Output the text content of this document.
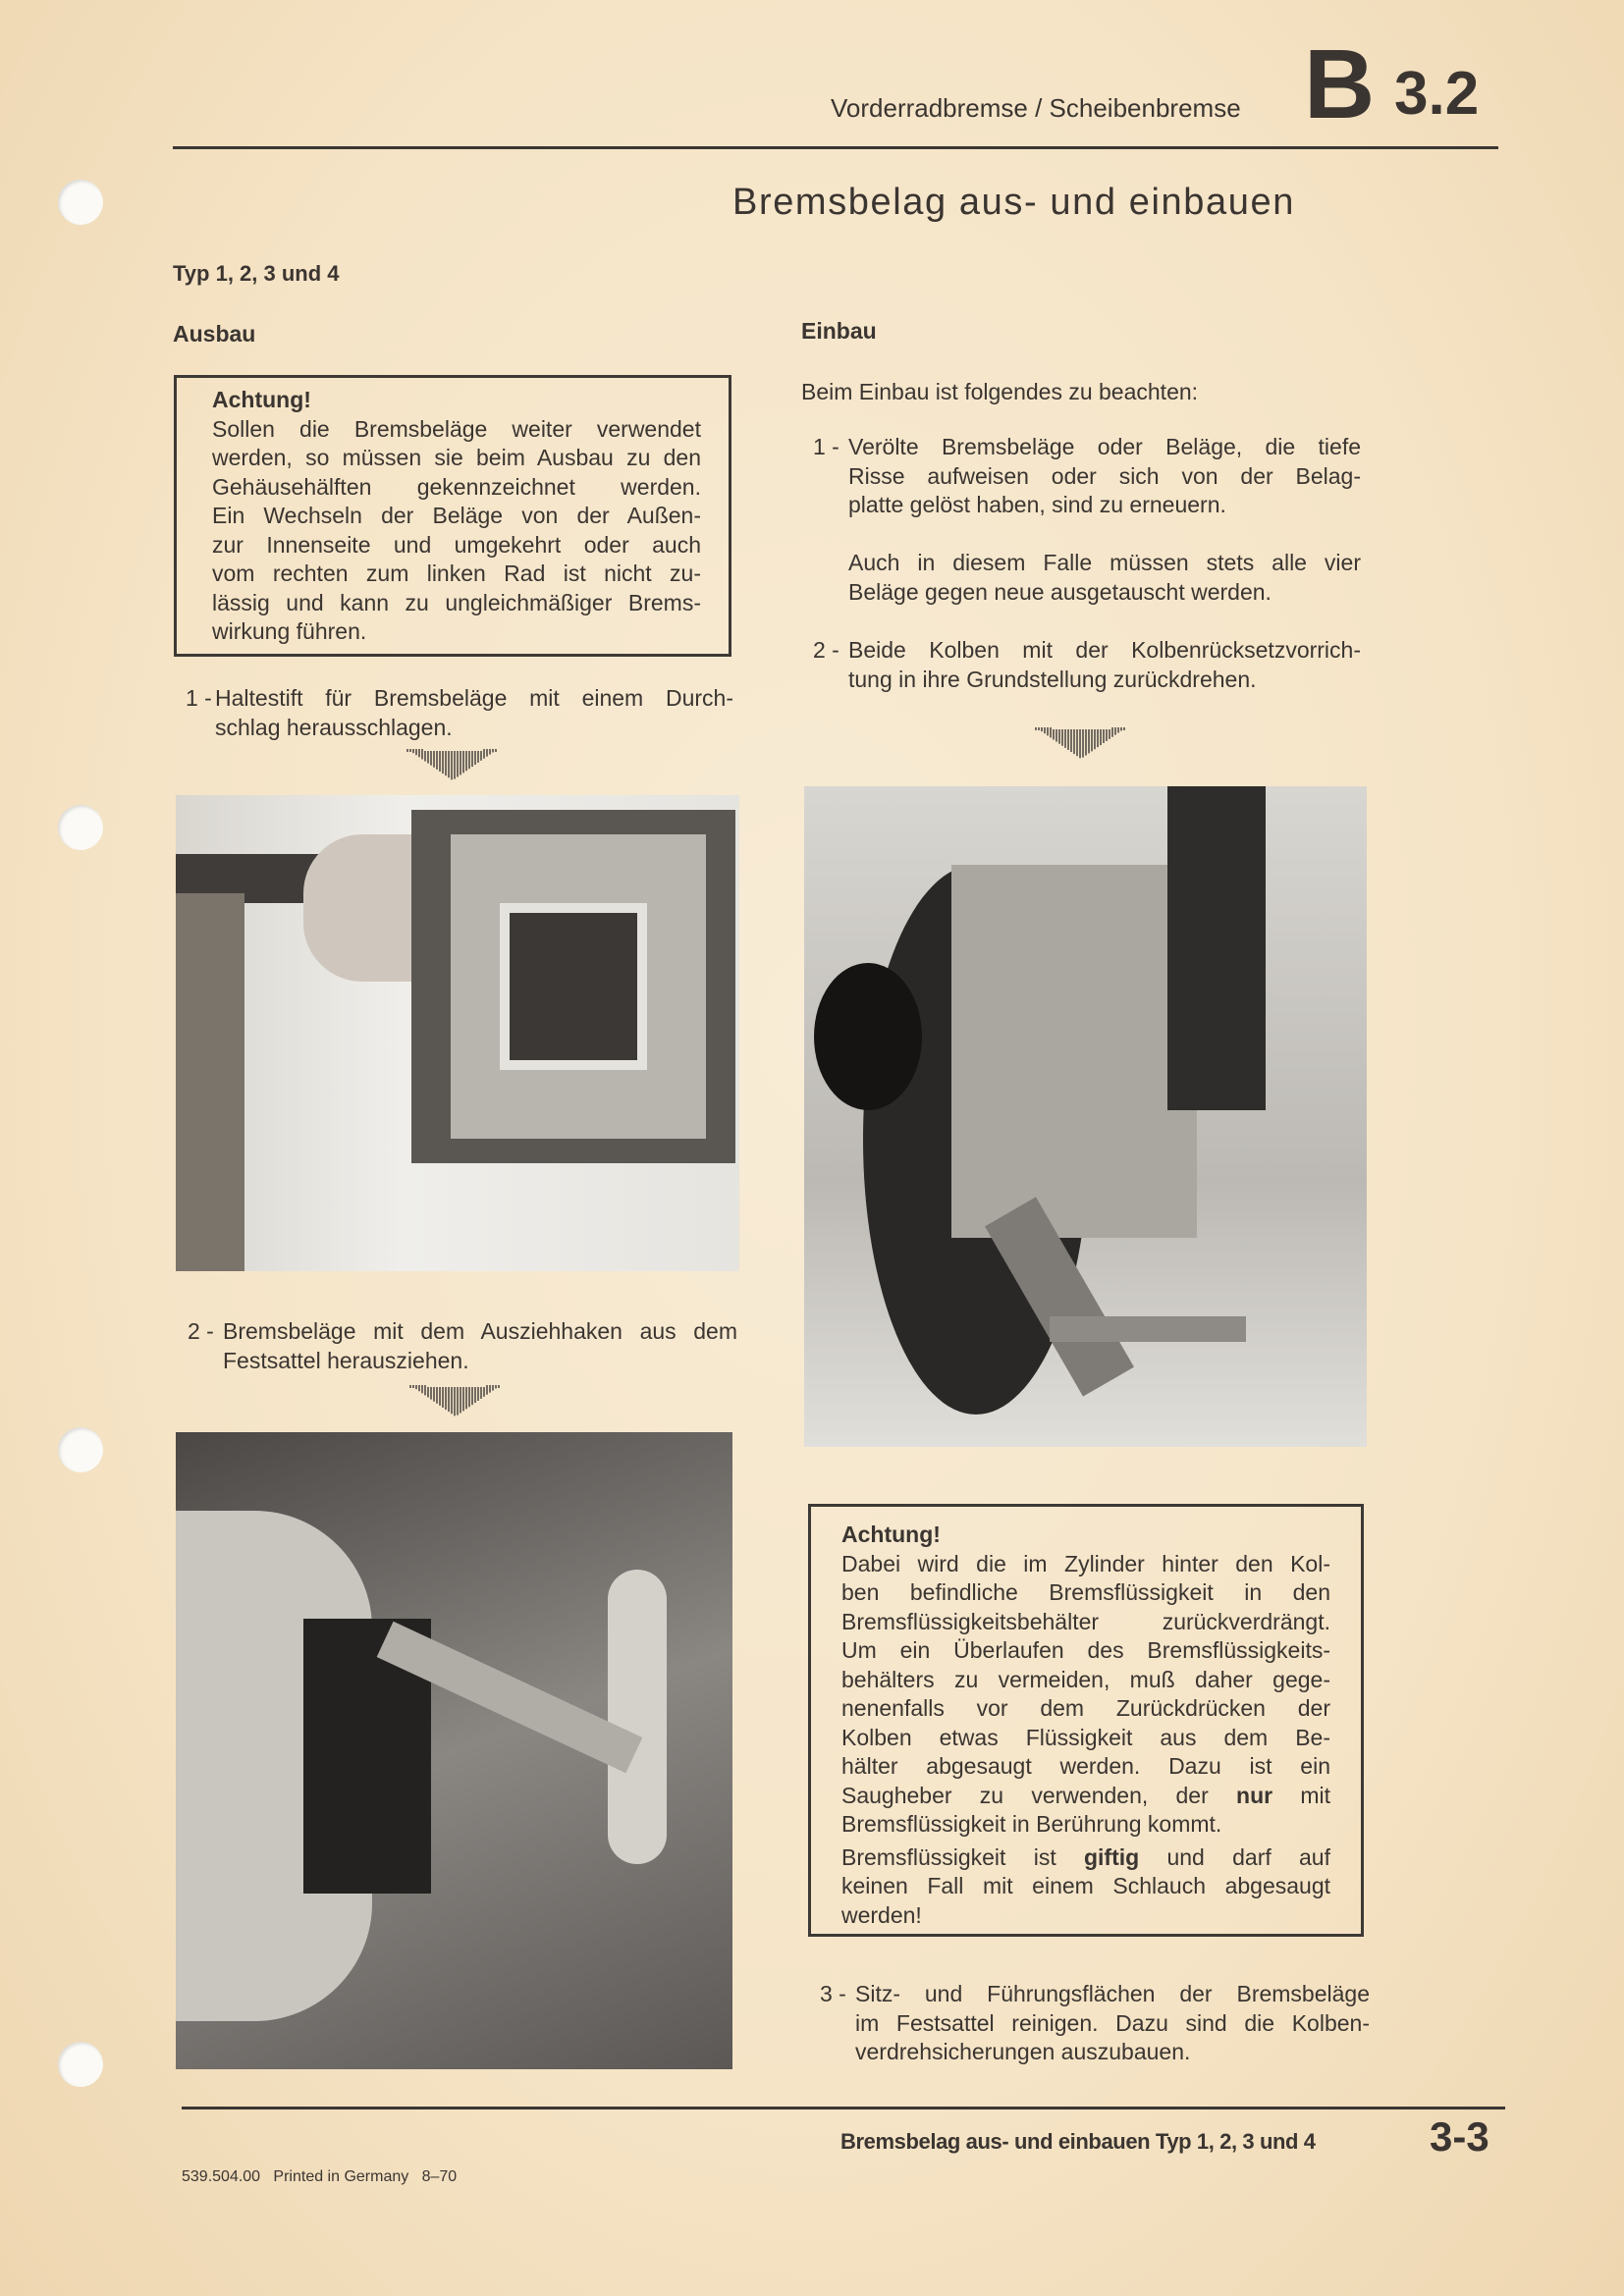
Vorderradbremse / Scheibenbremse B 3.2
Bremsbelag aus- und einbauen
Typ 1, 2, 3 und 4
Ausbau
Achtung!
Sollen die Bremsbeläge weiter verwendet
werden, so müssen sie beim Ausbau zu den
Gehäusehälften gekennzeichnet werden.
Ein Wechseln der Beläge von der Außen-
zur Innenseite und umgekehrt oder auch
vom rechten zum linken Rad ist nicht zu-
lässig und kann zu ungleichmäßiger Brems-
wirkung führen.
1 - Haltestift für Bremsbeläge mit einem Durch-
schlag herausschlagen.
2 - Bremsbeläge mit dem Ausziehhaken aus dem
Festsattel herausziehen.
Einbau
Beim Einbau ist folgendes zu beachten:
1 - Verölte Bremsbeläge oder Beläge, die tiefe
Risse aufweisen oder sich von der Belag-
platte gelöst haben, sind zu erneuern.
Auch in diesem Falle müssen stets alle vier
Beläge gegen neue ausgetauscht werden.
2 - Beide Kolben mit der Kolbenrücksetzvorrich-
tung in ihre Grundstellung zurückdrehen.
Achtung!
Dabei wird die im Zylinder hinter den Kol-
ben befindliche Bremsflüssigkeit in den
Bremsflüssigkeitsbehälter zurückverdrängt.
Um ein Überlaufen des Bremsflüssigkeits-
behälters zu vermeiden, muß daher gege-
nenenfalls vor dem Zurückdrücken der
Kolben etwas Flüssigkeit aus dem Be-
hälter abgesaugt werden. Dazu ist ein
Saugheber zu verwenden, der nur mit
Bremsflüssigkeit in Berührung kommt.
Bremsflüssigkeit ist giftig und darf auf
keinen Fall mit einem Schlauch abgesaugt
werden!
3 - Sitz- und Führungsflächen der Bremsbeläge
im Festsattel reinigen. Dazu sind die Kolben-
verdrehsicherungen auszubauen.
Bremsbelag aus- und einbauen Typ 1, 2, 3 und 4	3-3
539.504.00   Printed in Germany   8–70
